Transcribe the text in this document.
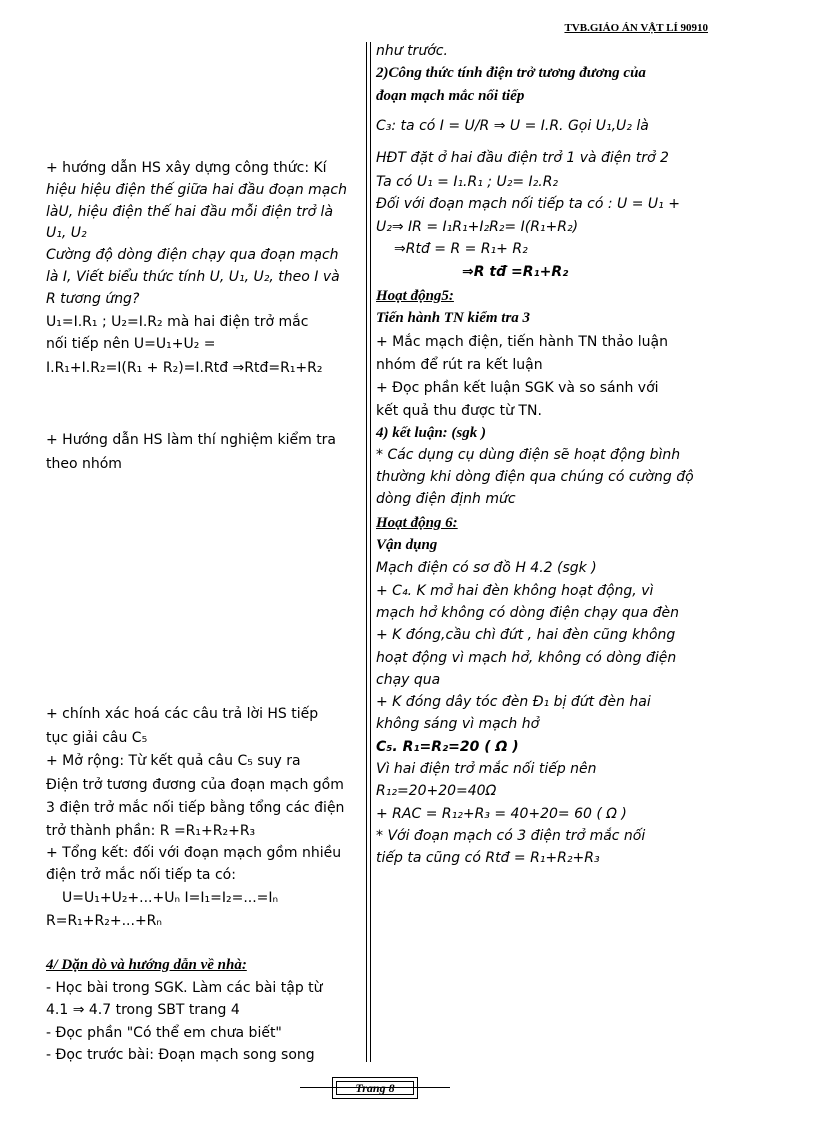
TVB.GIÁO ÁN VẬT LÍ 90910
+ hướng dẫn HS xây dựng công thức: Kí
hiệu hiệu điện thế giữa hai đầu đoạn mạch
làU, hiệu điện thế hai đầu mỗi điện trở là
U₁, U₂
Cường độ dòng điện chạy qua đoạn mạch
là I, Viết biểu thức tính U, U₁, U₂, theo I và
R tương ứng?
U₁=I.R₁ ; U₂=I.R₂ mà hai điện trở mắc
nối tiếp nên U=U₁+U₂ =
I.R₁+I.R₂=I(R₁ + R₂)=I.Rtđ ⇒Rtđ=R₁+R₂
+ Hướng dẫn HS làm thí nghiệm kiểm tra
theo nhóm
+ chính xác hoá các câu trả lời HS tiếp
tục giải câu C₅
+ Mở rộng: Từ kết quả câu C₅ suy ra
Điện trở tương đương của đoạn mạch gồm
3 điện trở mắc nối tiếp bằng tổng các điện
trở thành phần: R =R₁+R₂+R₃
+ Tổng kết: đối với đoạn mạch gồm nhiều
điện trở mắc nối tiếp ta có:
U=U₁+U₂+...+Uₙ I=I₁=I₂=...=Iₙ
R=R₁+R₂+...+Rₙ
4/ Dặn dò và hướng dẫn về nhà:
- Học bài trong SGK. Làm các bài tập từ
4.1 ⇒ 4.7 trong SBT trang 4
- Đọc phần "Có thể em chưa biết"
- Đọc trước bài: Đoạn mạch song song
như trước.
2)Công thức tính điện trở tương đương của
đoạn mạch mắc nối tiếp
C₃: ta có I = U/R ⇒ U = I.R. Gọi U₁,U₂ là
HĐT đặt ở hai đầu điện trở 1 và điện trở 2
Ta có U₁ = I₁.R₁ ; U₂= I₂.R₂
Đối với đoạn mạch nối tiếp ta có : U = U₁ +
U₂⇒ IR = I₁R₁+I₂R₂= I(R₁+R₂)
⇒Rtđ = R = R₁+ R₂
⇒R tđ =R₁+R₂
Hoạt động5:
Tiến hành TN kiểm tra 3
+ Mắc mạch điện, tiến hành TN thảo luận
nhóm để rút ra kết luận
+ Đọc phần kết luận SGK và so sánh với
kết quả thu được từ TN.
4) kết luận: (sgk )
* Các dụng cụ dùng điện sẽ hoạt động bình
thường khi dòng điện qua chúng có cường độ
dòng điện định mức
Hoạt động 6:
Vận dụng
Mạch điện có sơ đồ H 4.2 (sgk )
+ C₄. K mở hai đèn không hoạt động, vì
mạch hở không có dòng điện chạy qua đèn
+ K đóng,cầu chì đứt , hai đèn cũng không
hoạt động vì mạch hở, không có dòng điện
chạy qua
+ K đóng dây tóc đèn Đ₁ bị đứt đèn hai
không sáng vì mạch hở
C₅. R₁=R₂=20 ( Ω )
Vì hai điện trở mắc nối tiếp nên
R₁₂=20+20=40Ω
+ RAC = R₁₂+R₃ = 40+20= 60 ( Ω )
* Với đoạn mạch có 3 điện trở mắc nối
tiếp ta cũng có Rtđ = R₁+R₂+R₃
Trang 8
